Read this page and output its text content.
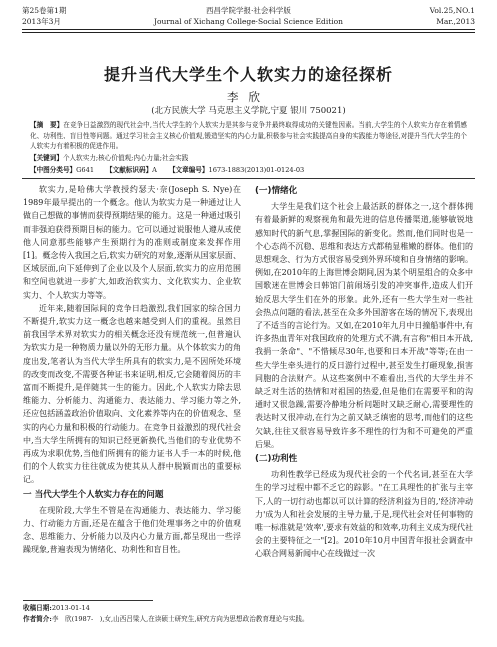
第25卷第1期	西昌学院学报·社会科学版	Vol.25,NO.1
2013年3月	Journal of Xichang College·Social Science Edition	Mar.,2013
提升当代大学生个人软实力的途径探析
李欣
(北方民族大学 马克思主义学院,宁夏 银川 750021)
【摘　要】在竞争日益激烈的现代社会中,当代大学生的个人软实力是其参与竞争并最终取得成功的关键性因素。当前,大学生的个人软实力存在着情感化、功利性、盲目性等问题。通过学习社会主义核心价值观,锻造坚实的内心力量,积极参与社会实践提高自身的实践能力等途径,对提升当代大学生的个人软实力有着积极的促进作用。
【关键词】个人软实力;核心价值观;内心力量;社会实践
【中图分类号】G641 【文献标识码】A 【文章编号】1673-1883(2013)01-0124-03

软实力,是哈佛大学教授约瑟夫·奈(Joseph S. Nye)在1989年最早提出的一个概念。他认为软实力是一种通过让人做自己想做的事情而获得预期结果的能力。这是一种通过吸引而非强迫获得预期目标的能力。它可以通过说服他人遵从或使他人同意那些能够产生预期行为的准则或制度来发挥作用[1]。概念传入我国之后,软实力研究的对象,逐渐从国家层面、区域层面,向下延伸到了企业以及个人层面,软实力的应用范围和空间也就进一步扩大,如政治软实力、文化软实力、企业软实力、个人软实力等等。

近年来,随着国际间的竞争日趋激烈,我们国家的综合国力不断提升,软实力这一概念也越来越受到人们的重视。虽然目前我国学术界对软实力的相关概念还没有规范统一,但普遍认为软实力是一种物质力量以外的无形力量。从个体软实力的角度出发,笔者认为当代大学生所具有的软实力,是不因所处环境的改变而改变,不需要各种证书来证明,相反,它会随着阅历的丰富而不断提升,是伴随其一生的能力。因此,个人软实力除去思维能力、分析能力、沟通能力、表达能力、学习能力等之外,还应包括涵盖政治价值取向、文化素养等内在的价值观念、坚实的内心力量和积极的行动能力。在竞争日益激烈的现代社会中,当大学生所拥有的知识已经更新换代,当他们的专业优势不再成为求职优势,当他们所拥有的能力证书人手一本的时候,他们的个人软实力往往就成为使其从人群中脱颖而出的重要标记。

一 当代大学生个人软实力存在的问题

在现阶段,大学生不管是在沟通能力、表达能力、学习能力、行动能力方面,还是在蕴含于他们处理事务之中的价值观念、思维能力、分析能力以及内心力量方面,都呈现出一些浮躁现象,普遍表现为情绪化、功利性和盲目性。

(一)情绪化

大学生是我们这个社会上最活跃的群体之一,这个群体拥有着最新鲜的观察视角和最先进的信息传播渠道,能够敏锐地感知时代的新气息,掌握国际的新变化。然而,他们同时也是一个心态尚不沉稳、思维和表达方式都稍显稚嫩的群体。他们的思想观念、行为方式很容易受到外界环境和自身情绪的影响。例如,在2010年的上海世博会期间,因为某个明星组合的众多中国歌迷在世博会日韩馆门前闹场引发的冲突事件,造成人们开始反思大学生们在外的形象。此外,还有一些大学生对一些社会热点问题的看法,甚至在众多外国游客在场的情况下,表现出了不适当的言论行为。又如,在2010年九月中日撞船事件中,有许多热血青年对我国政府的处理方式不满,有言称"相日本开战,我捐一条命"、"不惜倾尽30年,也要和日本开战"等等;在由一些大学生牵头进行的反日游行过程中,甚至发生打砸现象,损害同胞的合法财产。从这些案例中不难看出,当代的大学生并不缺乏对生活的热情和对祖国的热爱,但是他们在需要平和的沟通时又很急躁,需要冷静地分析问题时又缺乏耐心,需要理性的表达时又很冲动,在行为之前又缺乏缜密的思考,而他们的这些欠缺,往往又很容易导致许多不理性的行为和不可避免的严重后果。

(二)功利性

功利性教学已经成为现代社会的一个代名词,甚至在大学生的学习过程中都不乏它的踪影。"在工具理性的扩张与主宰下,人的一切行动也都以可以计算的经济利益为目的,'经济冲动力'成为人和社会发展的主导力量,于是,现代社会对任何事物的唯一标准就是'效率',要求有效益的和效率,功利主义成为现代社会的主要特征之一"[2]。2010年10月中国青年报社会调查中心联合网易新闻中心在线做过一次

收稿日期:2013-01-14
作者简介:李　欣(1987-　),女,山西吕梁人,在读硕士研究生,研究方向为思想政治教育理论与实践。
